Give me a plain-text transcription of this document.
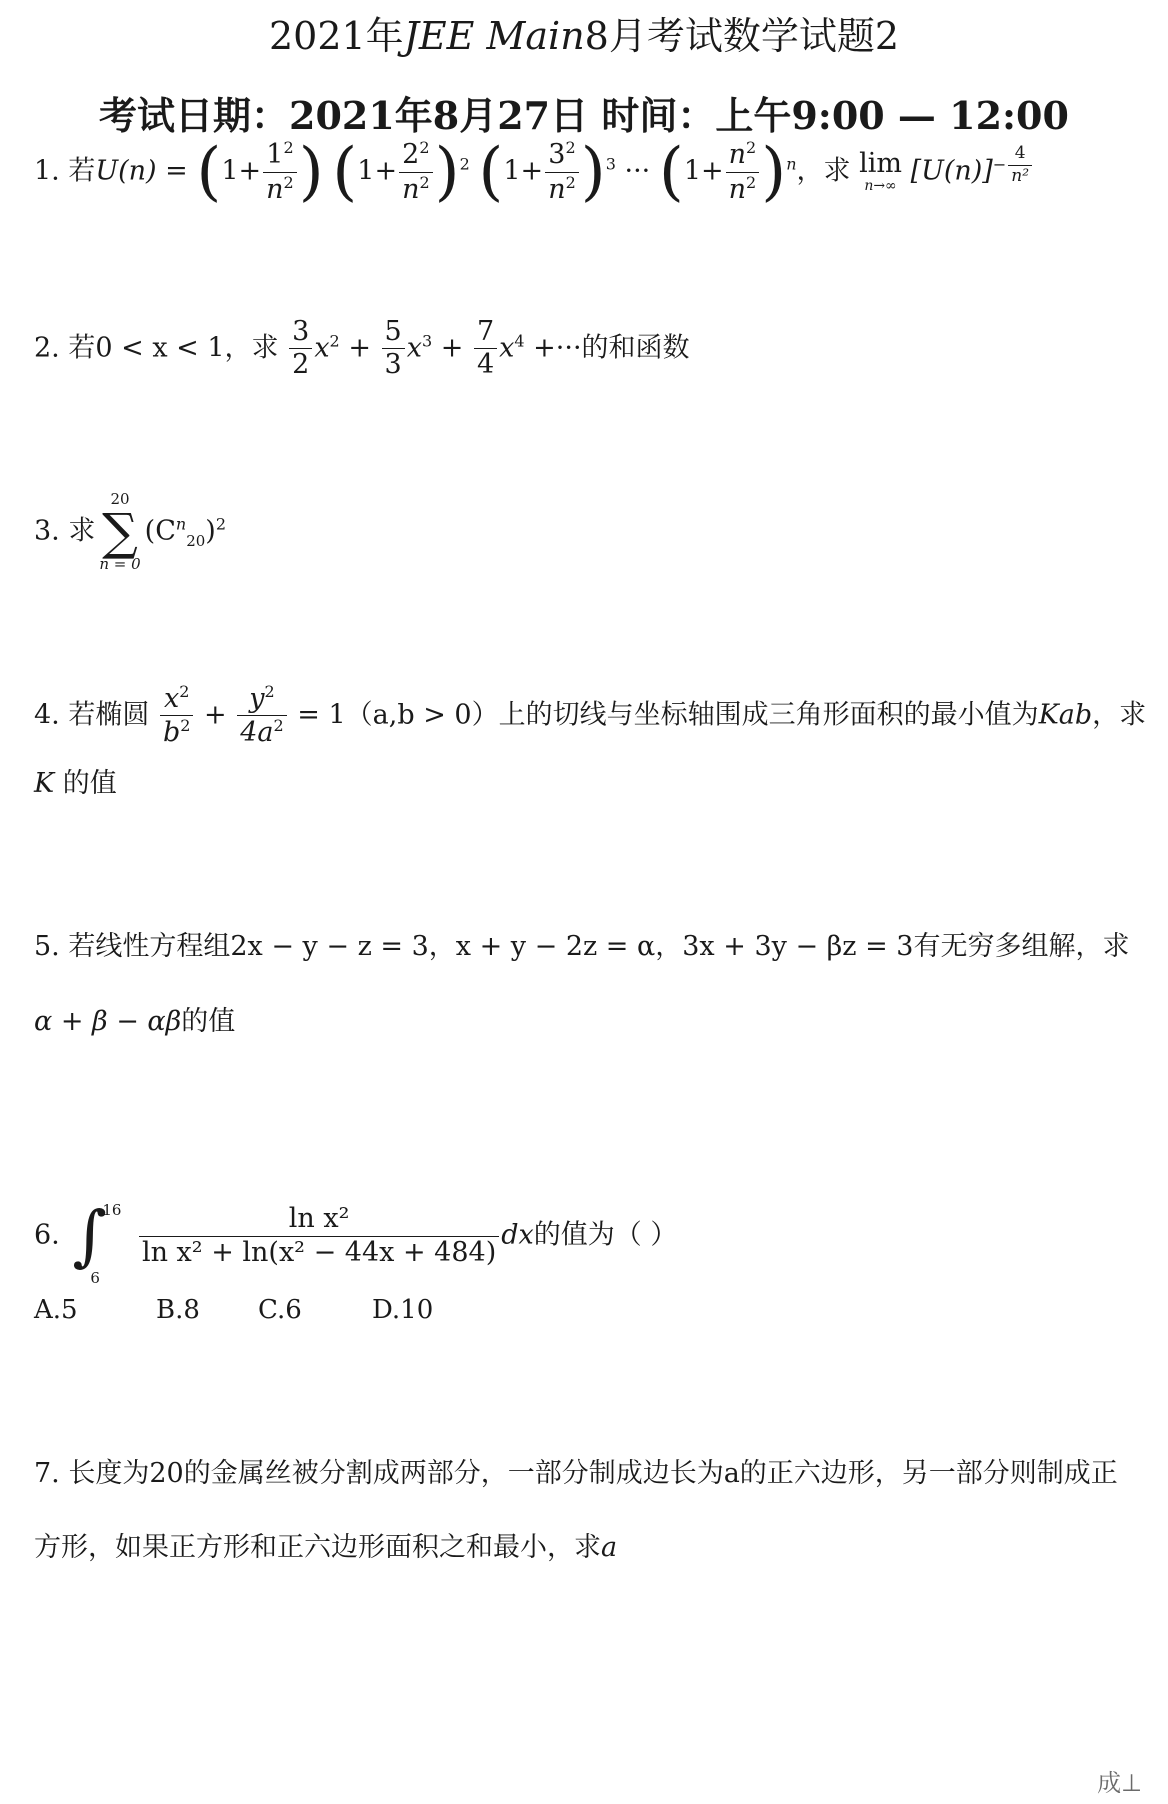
2021年JEE Main8月考试数学试题2
考试日期：2021年8月27日 时间：上午9:00 — 12:00
1. 若$U(n) = (1+ \frac{1^2}{n^2}$ ) $(1+ \frac{2^2}{n^2} )^2$ $(1+ \frac{3^2}{n^2} )^3$ ··· $(1+ \frac{n^2}{n^2} )^n$，求 lim
n→∞ $[U(n)]^{- \frac{4}{\text{n²}}}$
2. 若0 < x < 1，求 $\frac{3}{2} x^2 + \frac{5}{3} x^3 + \frac{7}{4} x^4$ +···的和函数
3. 求
20
∑
n = 0
$(C^n_{20})^2$
4. 若椭圆 $\frac{x^2}{b^2} + \frac{y^2}{4a^2} = 1(a,b > 0)$上的切线与坐标轴围成三角形面积的最小值为Kab，求
K 的值
5. 若线性方程组2x − y − z = 3，x + y − 2z = α，3x + 3y − βz = 3有无穷多组解，求
α + β − αβ的值
6. ∫
16
6

$\frac{\text{ln x²}}{\text{ln x² + ln(x² − 44x + 484)}}$ dx的值为（ ）
A.5	B.8 C.6	D.10
7. 长度为20的金属丝被分割成两部分，一部分制成边长为a的正六边形，另一部分则制成正
方形，如果正方形和正六边形面积之和最小，求a
成⊥
